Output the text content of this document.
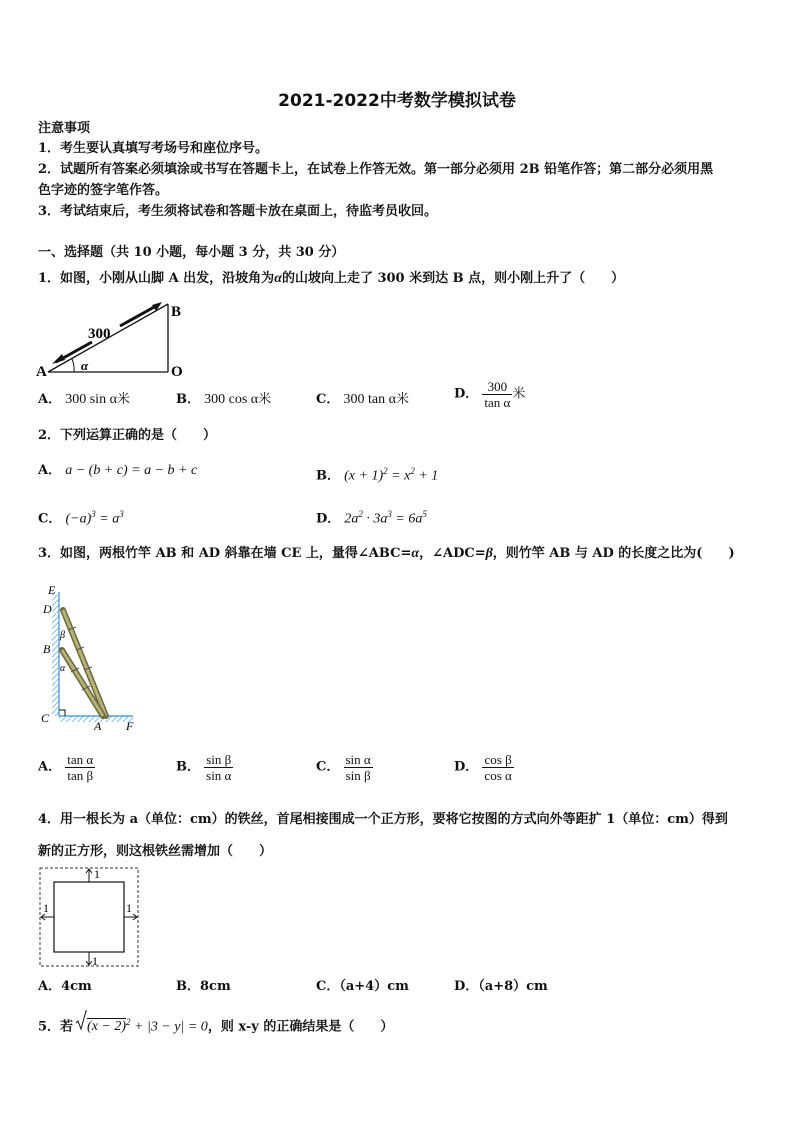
2021-2022中考数学模拟试卷
注意事项
1．考生要认真填写考场号和座位序号。
2．试题所有答案必须填涂或书写在答题卡上，在试卷上作答无效。第一部分必须用 2B 铅笔作答；第二部分必须用黑
色字迹的签字笔作答。
3．考试结束后，考生须将试卷和答题卡放在桌面上，待监考员收回。
一、选择题（共 10 小题，每小题 3 分，共 30 分）
1．如图，小刚从山脚 A 出发，沿坡角为α的山坡向上走了 300 米到达 B 点，则小刚上升了（　　）
300
A
B
O
α
A． 300 sin α米	B． 300 cos α米	C． 300 tan α米	D． $\frac{300}{\text{tan α}}$ 米
2．下列运算正确的是（　　）
A． a − (b + c) = a − b + c	B． $(x + 1)^2 = x^2 + 1$
C． $(-a)^3 = a^3$	D． $2a^2 \cdot 3a^3 = 6a^5$
3．如图，两根竹竿 AB 和 AD 斜靠在墙 CE 上，量得∠ABC=α，∠ADC=β，则竹竿 AB 与 AD 的长度之比为(　　)
E
D
B
C
A F
β
α
A． $\frac{\text{tan α}}{\text{tan β}}$	B． $\frac{\text{sin β}}{\text{sin α}}$	C． $\frac{\text{sin α}}{\text{sin β}}$	D． $\frac{\text{cos β}}{\text{cos α}}$
4．用一根长为 a（单位：cm）的铁丝，首尾相接围成一个正方形，要将它按图的方式向外等距扩 1（单位：cm）得到
新的正方形，则这根铁丝需增加（　　）
1
1	1
1
A．4cm	B．8cm	C．（a+4）cm	D．（a+8）cm
5．若 $(x - 2)^2 + |3 - y| = 0$，则 x-y 的正确结果是（　　）
